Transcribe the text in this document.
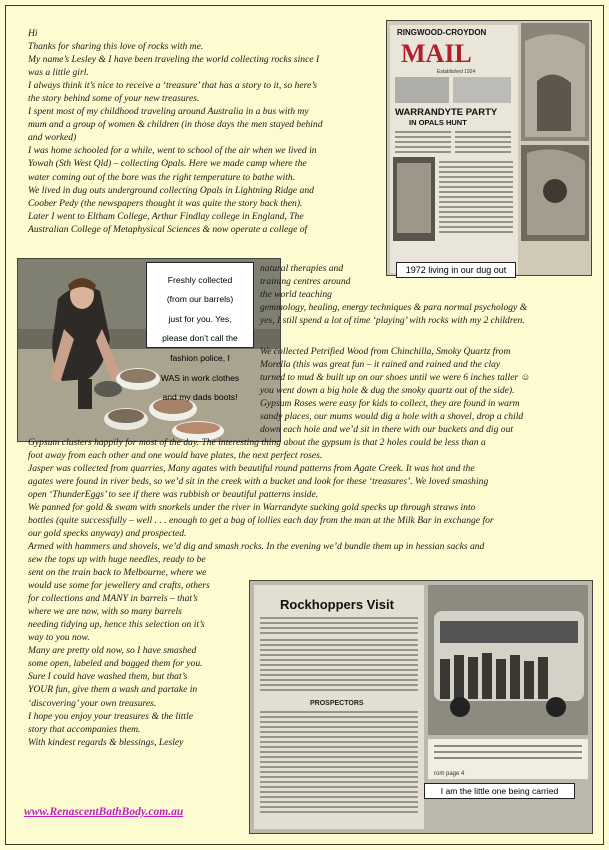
Hi

Thanks for sharing this love of rocks with me.

My name’s Lesley & I have been traveling the world collecting rocks since I

was a little girl.

I always think it’s nice to receive a ‘treasure’ that has a story to it, so here’s

the story behind some of your new treasures.

I spent most of my childhood traveling around Australia in a bus with my

mum and a group of women & children (in those days the men stayed behind

and worked)

I was home schooled for a while, went to school of the air when we lived in

Yowah (Sth West Qld) – collecting Opals. Here we made camp where the

water coming out of the bore was the right temperature to bathe with.

We lived in dug outs underground collecting Opals in Lightning Ridge and

Coober Pedy (the newspapers thought it was quite the story back then).

Later I went to Eltham College, Arthur Findlay college in England, The

Australian College of Metaphysical Sciences & now operate a college of

RINGWOOD-CROYDON
MAIL
Established 1924
WARRANDYTE PARTY
IN OPALS HUNT
1972 living in our dug out

Freshly collected

(from our barrels)

just for you. Yes,

please don't call the

fashion police, I

WAS in work clothes

and my dads boots!

natural therapies and

training centres around

the world teaching

gemmology, healing, energy techniques & para normal psychology &

yes, I still spend a lot of time ‘playing’ with rocks with my 2 children.

We collected Petrified Wood from Chinchilla, Smoky Quartz from

Morella (this was great fun – it rained and rained and the clay

turned to mud & built up on our shoes until we were 6 inches taller ☺

you went down a big hole & dug the smoky quartz out of the side).

Gypsum Roses were easy for kids to collect, they are found in warm

sandy places, our mums would dig a hole with a shovel, drop a child

down each hole and we’d sit in there with our buckets and dig out

Gypsum clusters happily for most of the day. The interesting thing about the gypsum is that 2 holes could be less than a

foot away from each other and one would have plates, the next perfect roses.

Jasper was collected from quarries, Many agates with beautiful round patterns from Agate Creek. It was hot and the

agates were found in river beds, so we’d sit in the creek with a bucket and look for these ‘treasures’. We loved smashing

open ‘ThunderEggs’ to see if there was rubbish or beautiful patterns inside.

We panned for gold & swam with snorkels under the river in Warrandyte sucking gold specks up through straws into

bottles (quite successfully – well . . . enough to get a bag of lollies each day from the man at the Milk Bar in exchange for

our gold specks anyway) and prospected.

Armed with hammers and shovels, we’d dig and smash rocks. In the evening we’d bundle them up in hessian sacks and

sew the tops up with huge needles, ready to be

sent on the train back to Melbourne, where we

would use some for jewellery and crafts, others

for collections and MANY in barrels – that’s

where we are now, with so many barrels

needing tidying up, hence this selection on it’s

way to you now.

Many are pretty old now, so I have smashed

some open, labeled and bagged them for you.

Sure I could have washed them, but that’s

YOUR fun, give them a wash and partake in

‘discovering’ your own treasures.

I hope you enjoy your treasures & the little

story that accompanies them.

With kindest regards & blessings, Lesley

www.RenascentBathBody.com.au
Rockhoppers Visit
PROSPECTORS
rom page 4
I am the little one being carried
